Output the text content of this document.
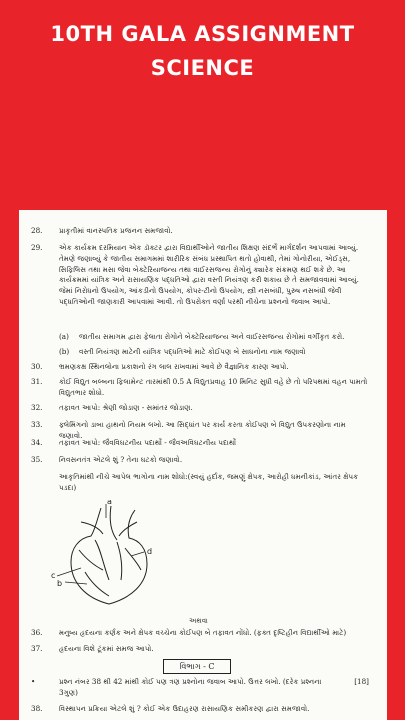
10TH GALA ASSIGNMENT
SCIENCE
28.	પ્રાકૃતીમાં વાનસ્પતિક પ્રજનન સમજાવો.
29.	એક કાર્યક્રમ દરમિયાન એક ડૉક્ટર દ્વારા વિદ્યાર્થીઓને જાતીય શિક્ષણ સંદર્ભે માર્ગદર્શન આપવામાં આવ્યું. તેમણે જણાવ્યું કે જાતીય સમાગમમાં શારીરિક સંબંધ પ્રસ્થાપિત થતો હોવાથી, તેમાં ગોનોરીયા, એઈડ્સ, સિફિલિસ તથા મસા જેવા બેક્ટેરિયાજન્ય તથા વાઈરસજન્ય રોગોનું ક્યારેક સંક્રમણ થઈ શકે છે. આ કાર્યક્રમમાં યાંત્રિક અને રાસાયણિક પદ્ધતિઓ દ્વારા વસ્તી નિયંત્રણ કરી શકાય છે તે સમજાવવામાં આવ્યું. જેમાં નિરોધનો ઉપયોગ, આંકડીનો ઉપયોગ, કોપર-ટીનો ઉપયોગ, સ્ત્રી નસબંધી, પુરુષ નસબંધી જેવી પદ્ધતિઓની જાણકારી આપવામાં આવી. તો ઉપરોક્ત વર્ણા પરથી નીચેના પ્રશ્નનો જવાબ આપો.
(a) જાતીય સમાગમ દ્વારા ફેલાતા રોગોને બેક્ટેરિયાજન્ય અને વાઈરસજન્ય રોગોમાં વર્ગીકૃત કરો.
(b) વસ્તી નિયંત્રણ માટેની યાંત્રિક પદ્ધતિઓ માટે કોઈપણ બે સાધનોના નામ જણાવો
30.	ભ્રમણકક્ષ સ્થિનલોના પ્રકાશનો રંગ લાલ રાખવામાં આવે છે વૈજ્ઞાનિક કારણ આપો.
31.	કોઈ વિદ્યુત બલ્બના ફિલામેન્ટ તારમાંથી 0.5 A વિદ્યુતપ્રવાહ 10 મિનિટ સુધી વહે છે તો પરિપથમાં વહન પામતો વિદ્યુતભાર શોધો.
32.	તફાવત આપો: શ્રેણી જોડાણ - સમાંતર જોડાણ.
33.	ફ્લેમિંગનો ડાબા હાથનો નિયમ લખો. આ સિદ્ધાંત પર કાર્ય કરતા કોઈપણ બે વિદ્યુત ઉપકરણોના નામ જણાવો.
34.	તફાવત આપો: જૈવવિઘટનીય પદાર્થો - જૈવઅવિઘટનીય પદાર્થો
35.	નિવસનતંત્ર એટલે શું ? તેના ઘટકો જણાવો.
આકૃતિમાંથી નીચે આપેલ ભાગોના નામ શોધો:(સ્વયું હર્દાક, જમણું ક્ષેપક, આરોહી ધમનીકાંડ, આંતર ક્ષેપક પડદા)
a
d
c
b
અથવા
36.	મનુષ્ય હૃદયના કર્ણક અને ક્ષેપક વચ્ચેના કોઈપણ બે તફાવત નોંધો. (ફક્ત દૃષ્ટિહીન વિદ્યાર્થીઓ માટે)
37.	હૃદયના વિશે ટૂંકમાં સમજ આપો.
વિભાગ - C
•	પ્રશ્ન નંબર 38 થી 42 માંથી કોઈ પણ ત્રણ પ્રશ્નોના જવાબ આપો. ઉત્તર લખો. (દરેક પ્રશ્નના 3ગુણ)
[18]
38.	વિસ્થાપન પ્રક્રિયા એટલે શું ? કોઈ એક ઉદાહરણ રાસાયણિક સમીકરણ દ્વારા સમજાવો.
